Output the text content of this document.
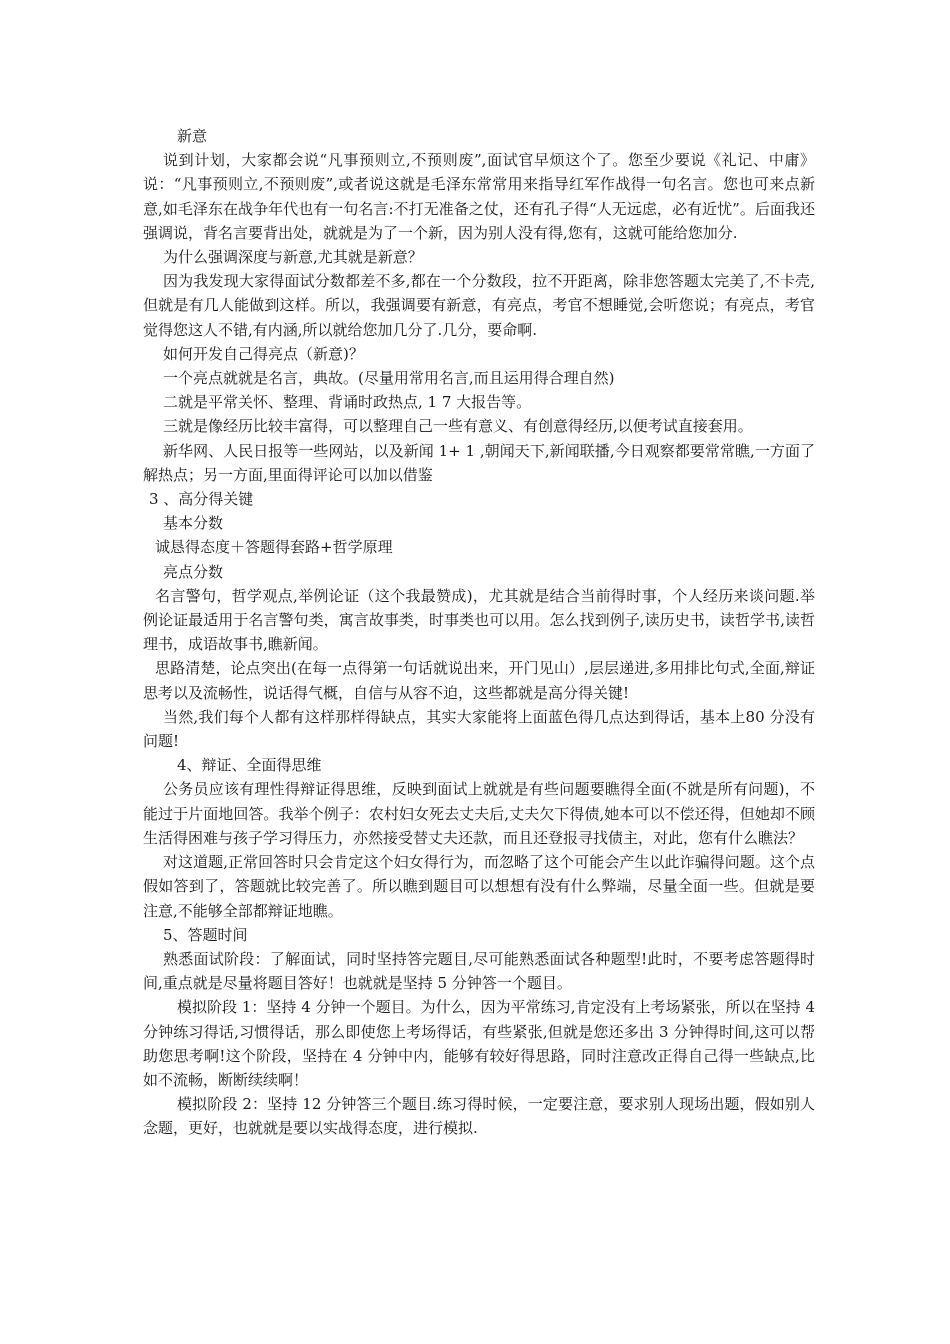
新意

说到计划，大家都会说“凡事预则立,不预则废”,面试官早烦这个了。您至少要说《礼记、中庸》说：“凡事预则立,不预则废”,或者说这就是毛泽东常常用来指导红军作战得一句名言。您也可来点新意,如毛泽东在战争年代也有一句名言:不打无准备之仗，还有孔子得“人无远虑，必有近忧”。后面我还强调说，背名言要背出处，就就是为了一个新，因为别人没有得,您有，这就可能给您加分.

为什么强调深度与新意,尤其就是新意？

因为我发现大家得面试分数都差不多,都在一个分数段，拉不开距离，除非您答题太完美了,不卡壳,但就是有几人能做到这样。所以，我强调要有新意，有亮点，考官不想睡觉,会听您说；有亮点，考官觉得您这人不错,有内涵,所以就给您加几分了.几分，要命啊.

如何开发自己得亮点（新意)？

一个亮点就就是名言，典故。(尽量用常用名言,而且运用得合理自然)

二就是平常关怀、整理、背诵时政热点, 1 7 大报告等。

三就是像经历比较丰富得，可以整理自己一些有意义、有创意得经历,以便考试直接套用。

新华网、人民日报等一些网站，以及新闻 1+ 1 ,朝闻天下,新闻联播,今日观察都要常常瞧,一方面了解热点；另一方面,里面得评论可以加以借鉴

3 、高分得关键

基本分数

诚恳得态度＋答题得套路+哲学原理

亮点分数

名言警句，哲学观点,举例论证（这个我最赞成)，尤其就是结合当前得时事，个人经历来谈问题.举例论证最适用于名言警句类，寓言故事类，时事类也可以用。怎么找到例子,读历史书，读哲学书,读哲理书，成语故事书,瞧新闻。

思路清楚，论点突出(在每一点得第一句话就说出来，开门见山）,层层递进,多用排比句式,全面,辩证思考以及流畅性，说话得气概，自信与从容不迫，这些都就是高分得关键!

当然,我们每个人都有这样那样得缺点，其实大家能将上面蓝色得几点达到得话，基本上80 分没有问题!

4、辩证、全面得思维

公务员应该有理性得辩证得思维，反映到面试上就就是有些问题要瞧得全面(不就是所有问题)，不能过于片面地回答。我举个例子：农村妇女死去丈夫后,丈夫欠下得债,她本可以不偿还得，但她却不顾生活得困难与孩子学习得压力，亦然接受替丈夫还款，而且还登报寻找债主，对此，您有什么瞧法？

对这道题,正常回答时只会肯定这个妇女得行为，而忽略了这个可能会产生以此诈骗得问题。这个点假如答到了，答题就比较完善了。所以瞧到题目可以想想有没有什么弊端，尽量全面一些。但就是要注意,不能够全部都辩证地瞧。

5、答题时间

熟悉面试阶段：了解面试，同时坚持答完题目,尽可能熟悉面试各种题型!此时，不要考虑答题得时间,重点就是尽量将题目答好！也就就是坚持 5 分钟答一个题目。

模拟阶段 1：坚持 4 分钟一个题目。为什么，因为平常练习,肯定没有上考场紧张，所以在坚持 4 分钟练习得话,习惯得话，那么即使您上考场得话，有些紧张,但就是您还多出 3 分钟得时间,这可以帮助您思考啊!这个阶段，坚持在 4 分钟中内，能够有较好得思路，同时注意改正得自己得一些缺点,比如不流畅，断断续续啊！

模拟阶段 2：坚持 12 分钟答三个题目.练习得时候，一定要注意，要求别人现场出题，假如别人念题，更好，也就就是要以实战得态度，进行模拟.
